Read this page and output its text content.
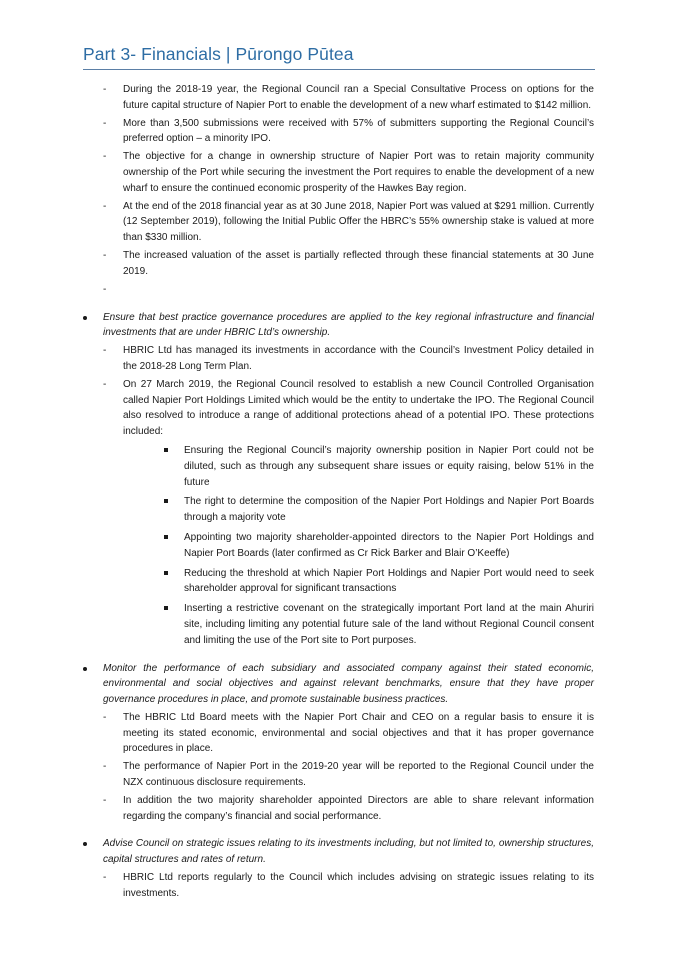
Part 3- Financials | Pūrongo Pūtea
- During the 2018-19 year, the Regional Council ran a Special Consultative Process on options for the future capital structure of Napier Port to enable the development of a new wharf estimated to $142 million.
- More than 3,500 submissions were received with 57% of submitters supporting the Regional Council’s preferred option – a minority IPO.
- The objective for a change in ownership structure of Napier Port was to retain majority community ownership of the Port while securing the investment the Port requires to enable the development of a new wharf to ensure the continued economic prosperity of the Hawkes Bay region.
- At the end of the 2018 financial year as at 30 June 2018, Napier Port was valued at $291 million. Currently (12 September 2019), following the Initial Public Offer the HBRC’s 55% ownership stake is valued at more than $330 million.
- The increased valuation of the asset is partially reflected through these financial statements at 30 June 2019.
-
Ensure that best practice governance procedures are applied to the key regional infrastructure and financial investments that are under HBRIC Ltd’s ownership.
- HBRIC Ltd has managed its investments in accordance with the Council’s Investment Policy detailed in the 2018-28 Long Term Plan.
- On 27 March 2019, the Regional Council resolved to establish a new Council Controlled Organisation called Napier Port Holdings Limited which would be the entity to undertake the IPO. The Regional Council also resolved to introduce a range of additional protections ahead of a potential IPO. These protections included:
Ensuring the Regional Council’s majority ownership position in Napier Port could not be diluted, such as through any subsequent share issues or equity raising, below 51% in the future
The right to determine the composition of the Napier Port Holdings and Napier Port Boards through a majority vote
Appointing two majority shareholder-appointed directors to the Napier Port Holdings and Napier Port Boards (later confirmed as Cr Rick Barker and Blair O’Keeffe)
Reducing the threshold at which Napier Port Holdings and Napier Port would need to seek shareholder approval for significant transactions
Inserting a restrictive covenant on the strategically important Port land at the main Ahuriri site, including limiting any potential future sale of the land without Regional Council consent and limiting the use of the Port site to Port purposes.
Monitor the performance of each subsidiary and associated company against their stated economic, environmental and social objectives and against relevant benchmarks, ensure that they have proper governance procedures in place, and promote sustainable business practices.
- The HBRIC Ltd Board meets with the Napier Port Chair and CEO on a regular basis to ensure it is meeting its stated economic, environmental and social objectives and that it has proper governance procedures in place.
- The performance of Napier Port in the 2019-20 year will be reported to the Regional Council under the NZX continuous disclosure requirements.
- In addition the two majority shareholder appointed Directors are able to share relevant information regarding the company’s financial and social performance.
Advise Council on strategic issues relating to its investments including, but not limited to, ownership structures, capital structures and rates of return.
- HBRIC Ltd reports regularly to the Council which includes advising on strategic issues relating to its investments.
